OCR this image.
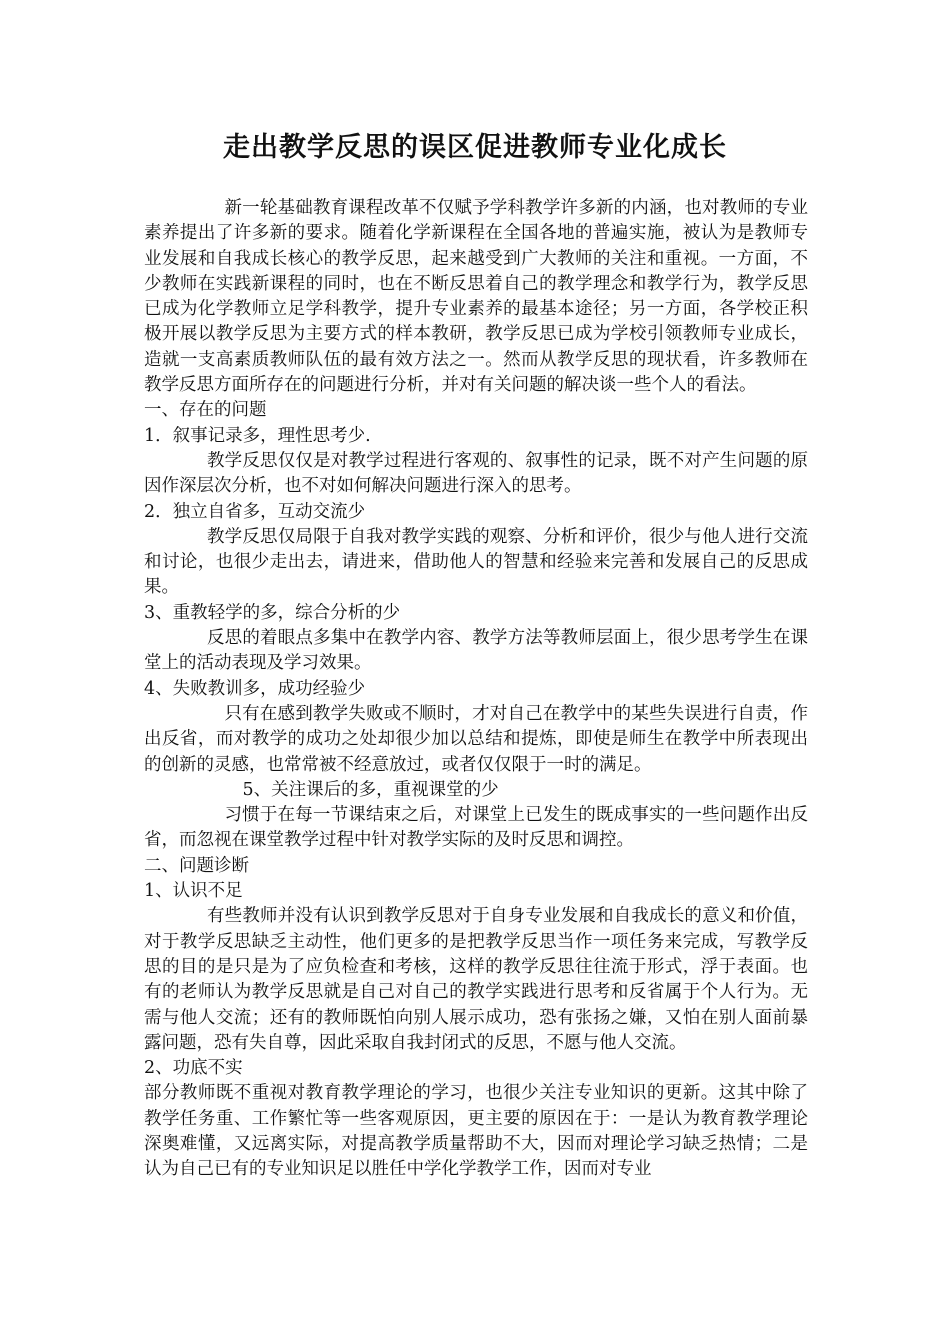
走出教学反思的误区促进教师专业化成长

新一轮基础教育课程改革不仅赋予学科教学许多新的内涵，也对教师的专业素养提出了许多新的要求。随着化学新课程在全国各地的普遍实施，被认为是教师专业发展和自我成长核心的教学反思，起来越受到广大教师的关注和重视。一方面，不少教师在实践新课程的同时，也在不断反思着自己的教学理念和教学行为，教学反思已成为化学教师立足学科教学，提升专业素养的最基本途径；另一方面，各学校正积极开展以教学反思为主要方式的样本教研，教学反思已成为学校引领教师专业成长，造就一支高素质教师队伍的最有效方法之一。然而从教学反思的现状看，许多教师在教学反思方面所存在的问题进行分析，并对有关问题的解决谈一些个人的看法。

一、存在的问题

1．叙事记录多，理性思考少.

教学反思仅仅是对教学过程进行客观的、叙事性的记录，既不对产生问题的原因作深层次分析，也不对如何解决问题进行深入的思考。

2．独立自省多，互动交流少

教学反思仅局限于自我对教学实践的观察、分析和评价，很少与他人进行交流和讨论，也很少走出去，请进来，借助他人的智慧和经验来完善和发展自己的反思成果。

3、重教轻学的多，综合分析的少

反思的着眼点多集中在教学内容、教学方法等教师层面上，很少思考学生在课堂上的活动表现及学习效果。

4、失败教训多，成功经验少

只有在感到教学失败或不顺时，才对自己在教学中的某些失误进行自责，作出反省，而对教学的成功之处却很少加以总结和提炼，即使是师生在教学中所表现出的创新的灵感，也常常被不经意放过，或者仅仅限于一时的满足。

5、关注课后的多，重视课堂的少

习惯于在每一节课结束之后，对课堂上已发生的既成事实的一些问题作出反省，而忽视在课堂教学过程中针对教学实际的及时反思和调控。

二、问题诊断

1、认识不足

有些教师并没有认识到教学反思对于自身专业发展和自我成长的意义和价值，对于教学反思缺乏主动性，他们更多的是把教学反思当作一项任务来完成，写教学反思的目的是只是为了应负检查和考核，这样的教学反思往往流于形式，浮于表面。也有的老师认为教学反思就是自己对自己的教学实践进行思考和反省属于个人行为。无需与他人交流；还有的教师既怕向别人展示成功，恐有张扬之嫌，又怕在别人面前暴露问题，恐有失自尊，因此采取自我封闭式的反思，不愿与他人交流。

2、功底不实

部分教师既不重视对教育教学理论的学习，也很少关注专业知识的更新。这其中除了教学任务重、工作繁忙等一些客观原因，更主要的原因在于：一是认为教育教学理论深奥难懂，又远离实际，对提高教学质量帮助不大，因而对理论学习缺乏热情；二是认为自己已有的专业知识足以胜任中学化学教学工作，因而对专业
